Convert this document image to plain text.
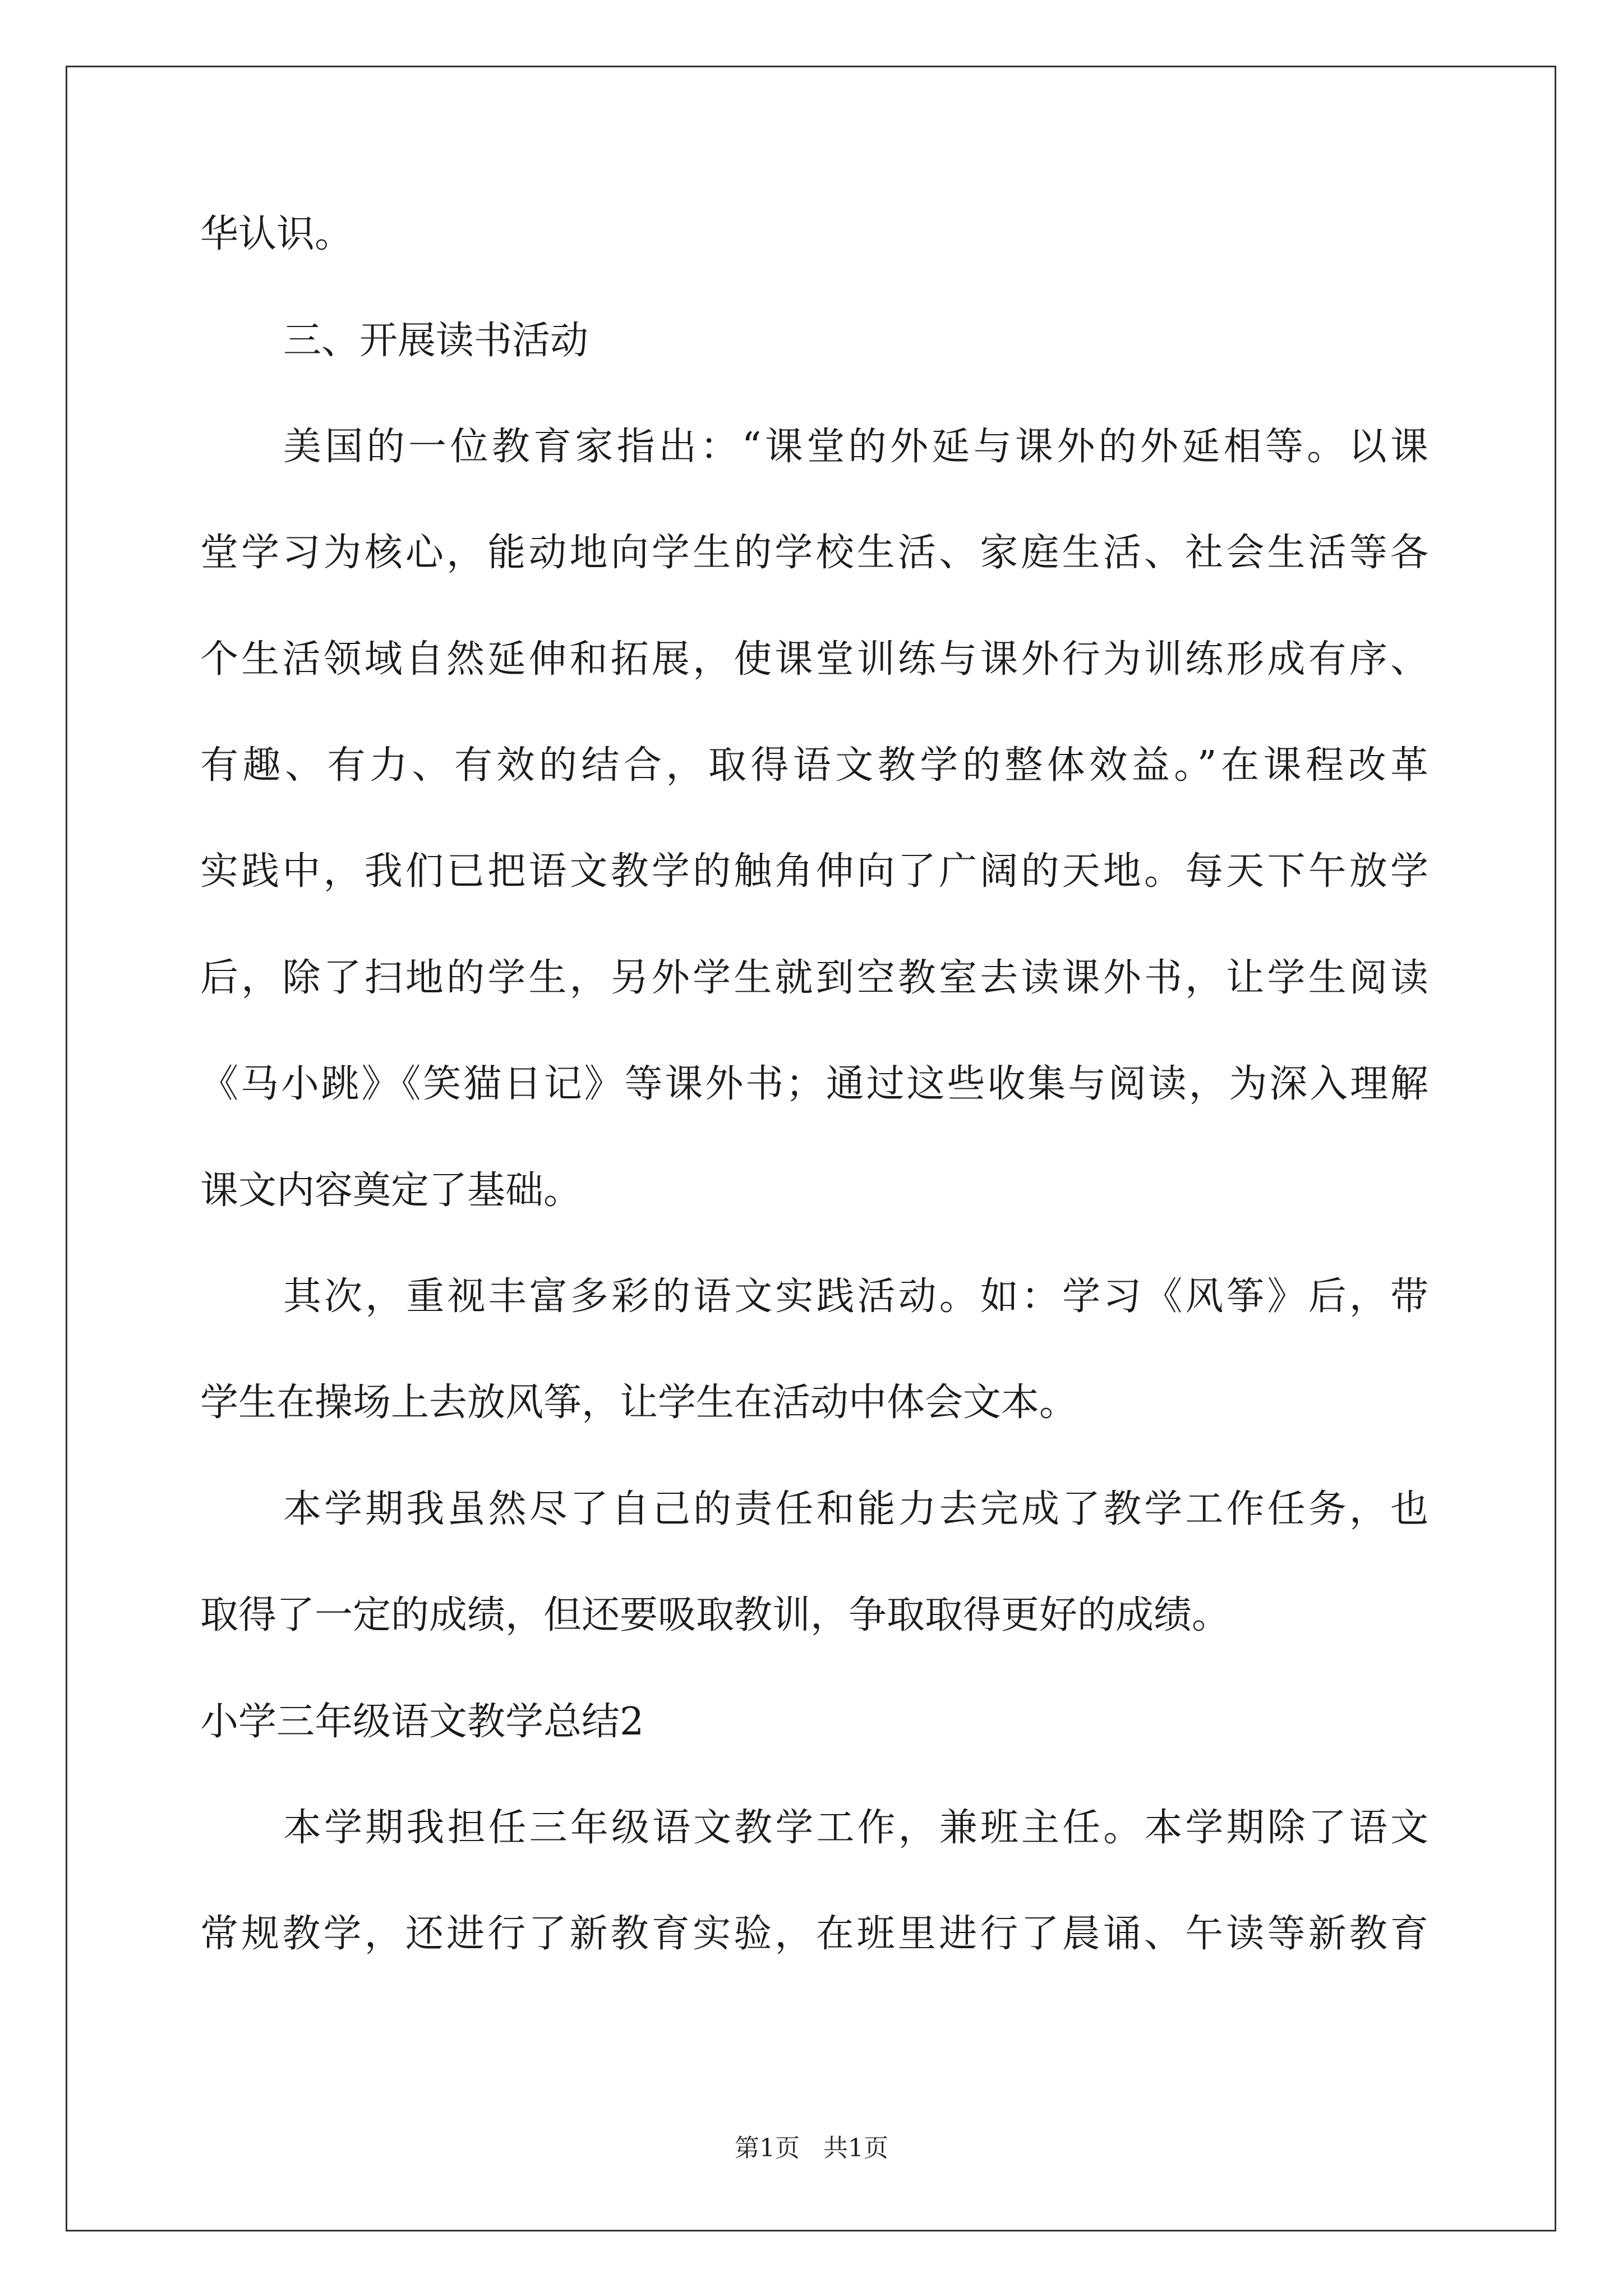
华认识。
三、开展读书活动
美国的一位教育家指出：“课堂的外延与课外的外延相等。以课
堂学习为核心，能动地向学生的学校生活、家庭生活、社会生活等各
个生活领域自然延伸和拓展，使课堂训练与课外行为训练形成有序、
有趣、有力、有效的结合，取得语文教学的整体效益。”在课程改革
实践中，我们已把语文教学的触角伸向了广阔的天地。每天下午放学
后，除了扫地的学生，另外学生就到空教室去读课外书，让学生阅读
《马小跳》《笑猫日记》等课外书；通过这些收集与阅读，为深入理解
课文内容奠定了基础。
其次，重视丰富多彩的语文实践活动。如：学习《风筝》后，带
学生在操场上去放风筝，让学生在活动中体会文本。
本学期我虽然尽了自己的责任和能力去完成了教学工作任务，也
取得了一定的成绩，但还要吸取教训，争取取得更好的成绩。
小学三年级语文教学总结2
本学期我担任三年级语文教学工作，兼班主任。本学期除了语文
常规教学，还进行了新教育实验，在班里进行了晨诵、午读等新教育
第1页 共1页
